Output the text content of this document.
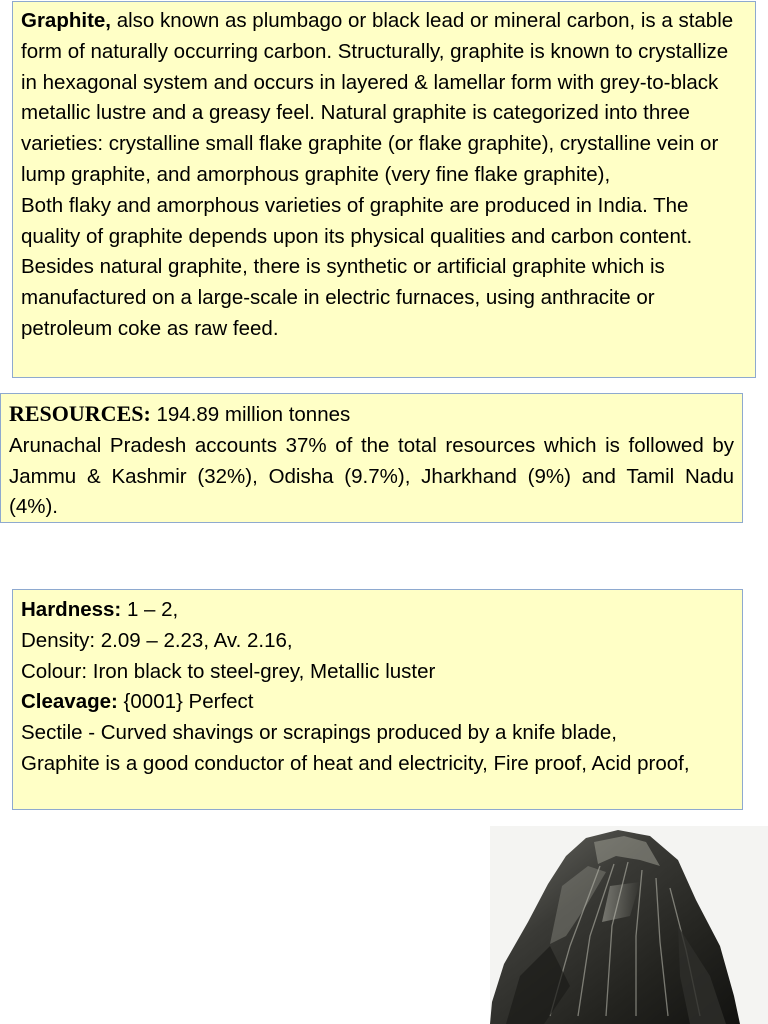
Graphite, also known as plumbago or black lead or mineral carbon, is a stable form of naturally occurring carbon. Structurally, graphite is known to crystallize in hexagonal system and occurs in layered & lamellar form with grey-to-black metallic lustre and a greasy feel. Natural graphite is categorized into three varieties: crystalline small flake graphite (or flake graphite), crystalline vein or lump graphite, and amorphous graphite (very fine flake graphite),

Both flaky and amorphous varieties of graphite are produced in India. The quality of graphite depends upon its physical qualities and carbon content. Besides natural graphite, there is synthetic or artificial graphite which is manufactured on a large-scale in electric furnaces, using anthracite or petroleum coke as raw feed.

RESOURCES: 194.89 million tonnes

Arunachal Pradesh accounts 37% of the total resources which is followed by Jammu & Kashmir (32%), Odisha (9.7%), Jharkhand (9%) and Tamil Nadu (4%).

Hardness: 1 – 2,

Density: 2.09 – 2.23, Av. 2.16,

Colour: Iron black to steel-grey, Metallic luster

Cleavage: {0001} Perfect

Sectile - Curved shavings or scrapings produced by a knife blade,

Graphite is a good conductor of heat and electricity, Fire proof, Acid proof,
